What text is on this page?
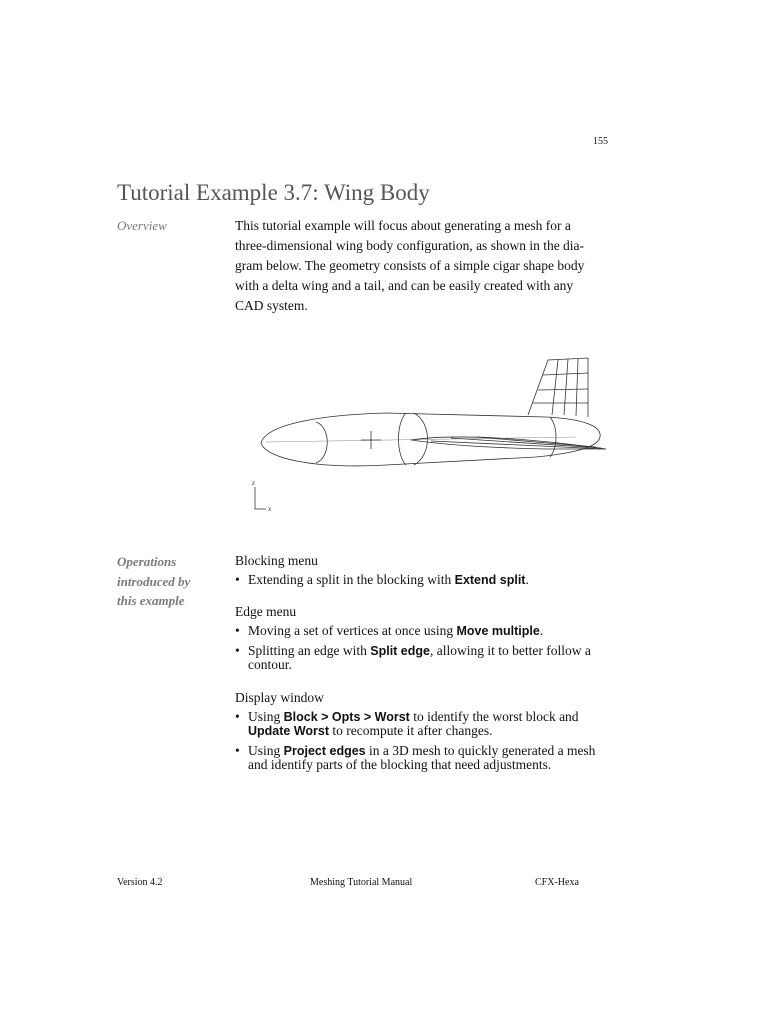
155
Tutorial Example 3.7: Wing Body
Overview	This tutorial example will focus about generating a mesh for a
three-dimensional wing body configuration, as shown in the dia-
gram below. The geometry consists of a simple cigar shape body
with a delta wing and a tail, and can be easily created with any
CAD system.
z
x
Operations
introduced by
this example
Blocking menu
• Extending a split in the blocking with Extend split.
Edge menu
• Moving a set of vertices at once using Move multiple.
• Splitting an edge with Split edge, allowing it to better follow a
contour.
Display window
• Using Block > Opts > Worst to identify the worst block and
Update Worst to recompute it after changes.
• Using Project edges in a 3D mesh to quickly generated a mesh
and identify parts of the blocking that need adjustments.
Version 4.2	Meshing Tutorial Manual	CFX-Hexa
